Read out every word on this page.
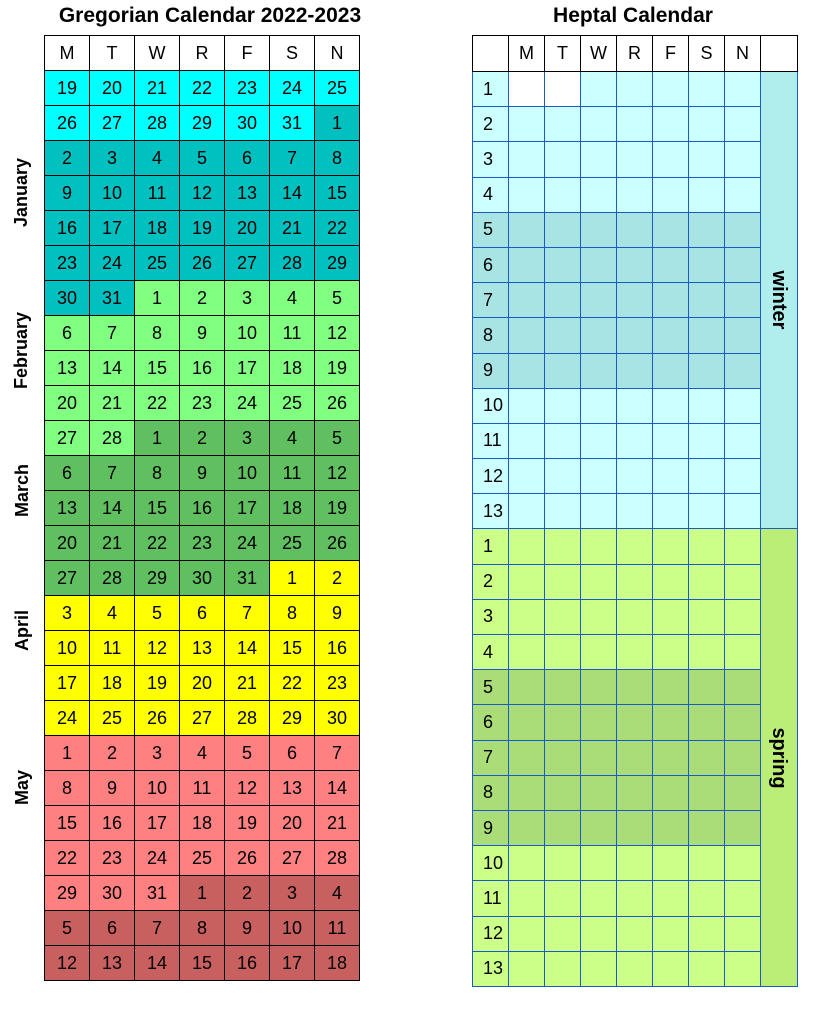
Gregorian Calendar 2022-2023	Heptal Calendar
M	T	W	R	F	S	N
19	20	21	22	23	24	25
26	27	28	29	30	31	1
2	3	4	5	6	7	8
9	10	11	12	13	14	15
16	17	18	19	20	21	22
23	24	25	26	27	28	29
30	31	1	2	3	4	5
6	7	8	9	10	11	12
13	14	15	16	17	18	19
20	21	22	23	24	25	26
27	28	1	2	3	4	5
6	7	8	9	10	11	12
13	14	15	16	17	18	19
20	21	22	23	24	25	26
27	28	29	30	31	1	2
3	4	5	6	7	8	9
10	11	12	13	14	15	16
17	18	19	20	21	22	23
24	25	26	27	28	29	30
1	2	3	4	5	6	7
8	9	10	11	12	13	14
15	16	17	18	19	20	21
22	23	24	25	26	27	28
29	30	31	1	2	3	4
5	6	7	8	9	10	11
12	13	14	15	16	17	18
January
February
March
April
May
	M	T	W	R	F	S	N	
1								winter

2								
3								
4								
5								
6								
7								
8								
9								
10								
11								
12								
13								
1								spring

2								
3								
4								
5								
6								
7								
8								
9								
10								
11								
12								
13								
